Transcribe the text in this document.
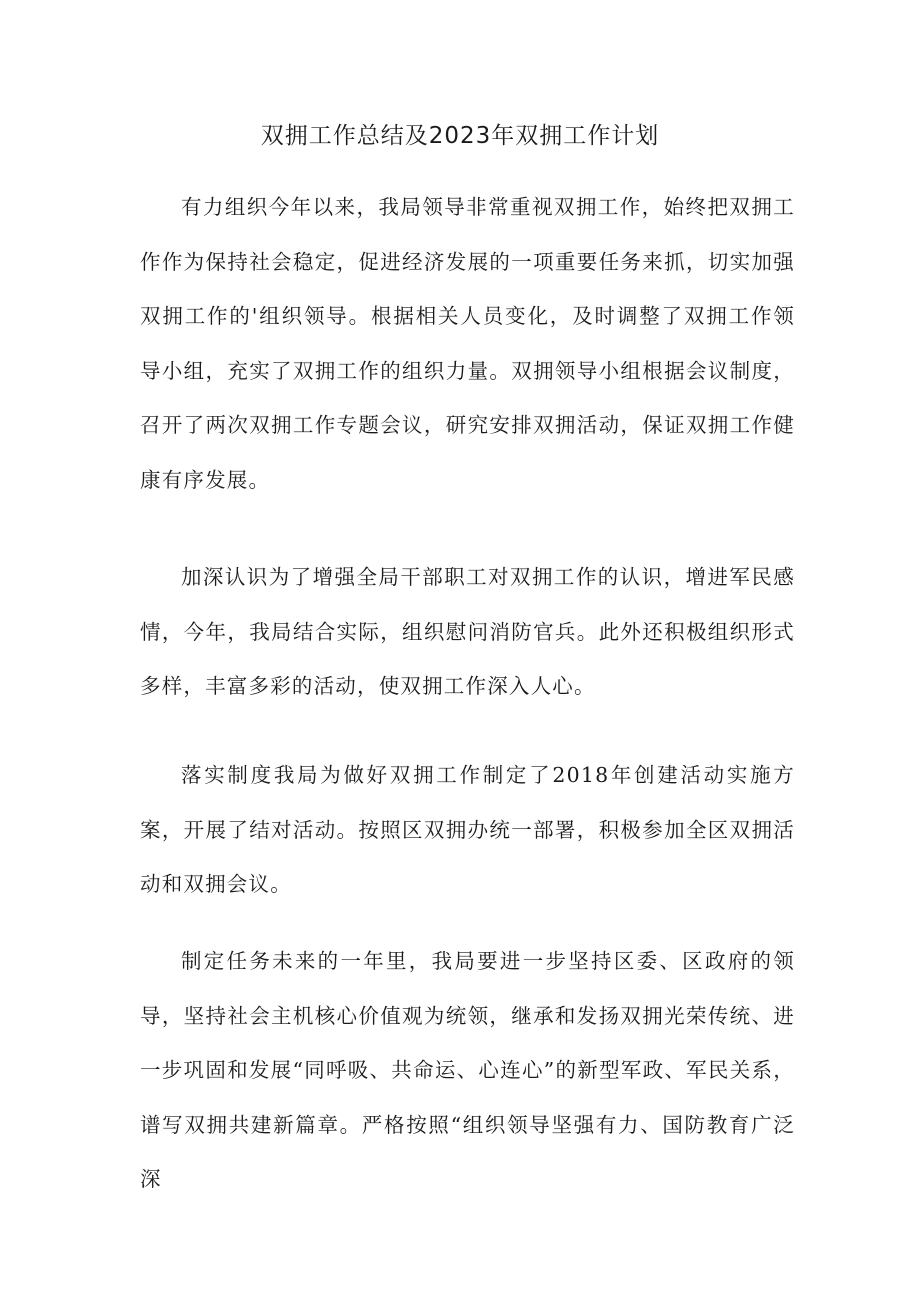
双拥工作总结及2023年双拥工作计划

有力组织今年以来，我局领导非常重视双拥工作，始终把双拥工作作为保持社会稳定，促进经济发展的一项重要任务来抓，切实加强双拥工作的'组织领导。根据相关人员变化，及时调整了双拥工作领导小组，充实了双拥工作的组织力量。双拥领导小组根据会议制度，召开了两次双拥工作专题会议，研究安排双拥活动，保证双拥工作健康有序发展。

加深认识为了增强全局干部职工对双拥工作的认识，增进军民感情，今年，我局结合实际，组织慰问消防官兵。此外还积极组织形式多样，丰富多彩的活动，使双拥工作深入人心。

落实制度我局为做好双拥工作制定了2018年创建活动实施方案，开展了结对活动。按照区双拥办统一部署，积极参加全区双拥活动和双拥会议。

制定任务未来的一年里，我局要进一步坚持区委、区政府的领导，坚持社会主机核心价值观为统领，继承和发扬双拥光荣传统、进一步巩固和发展“同呼吸、共命运、心连心”的新型军政、军民关系，谱写双拥共建新篇章。严格按照“组织领导坚强有力、国防教育广泛深
